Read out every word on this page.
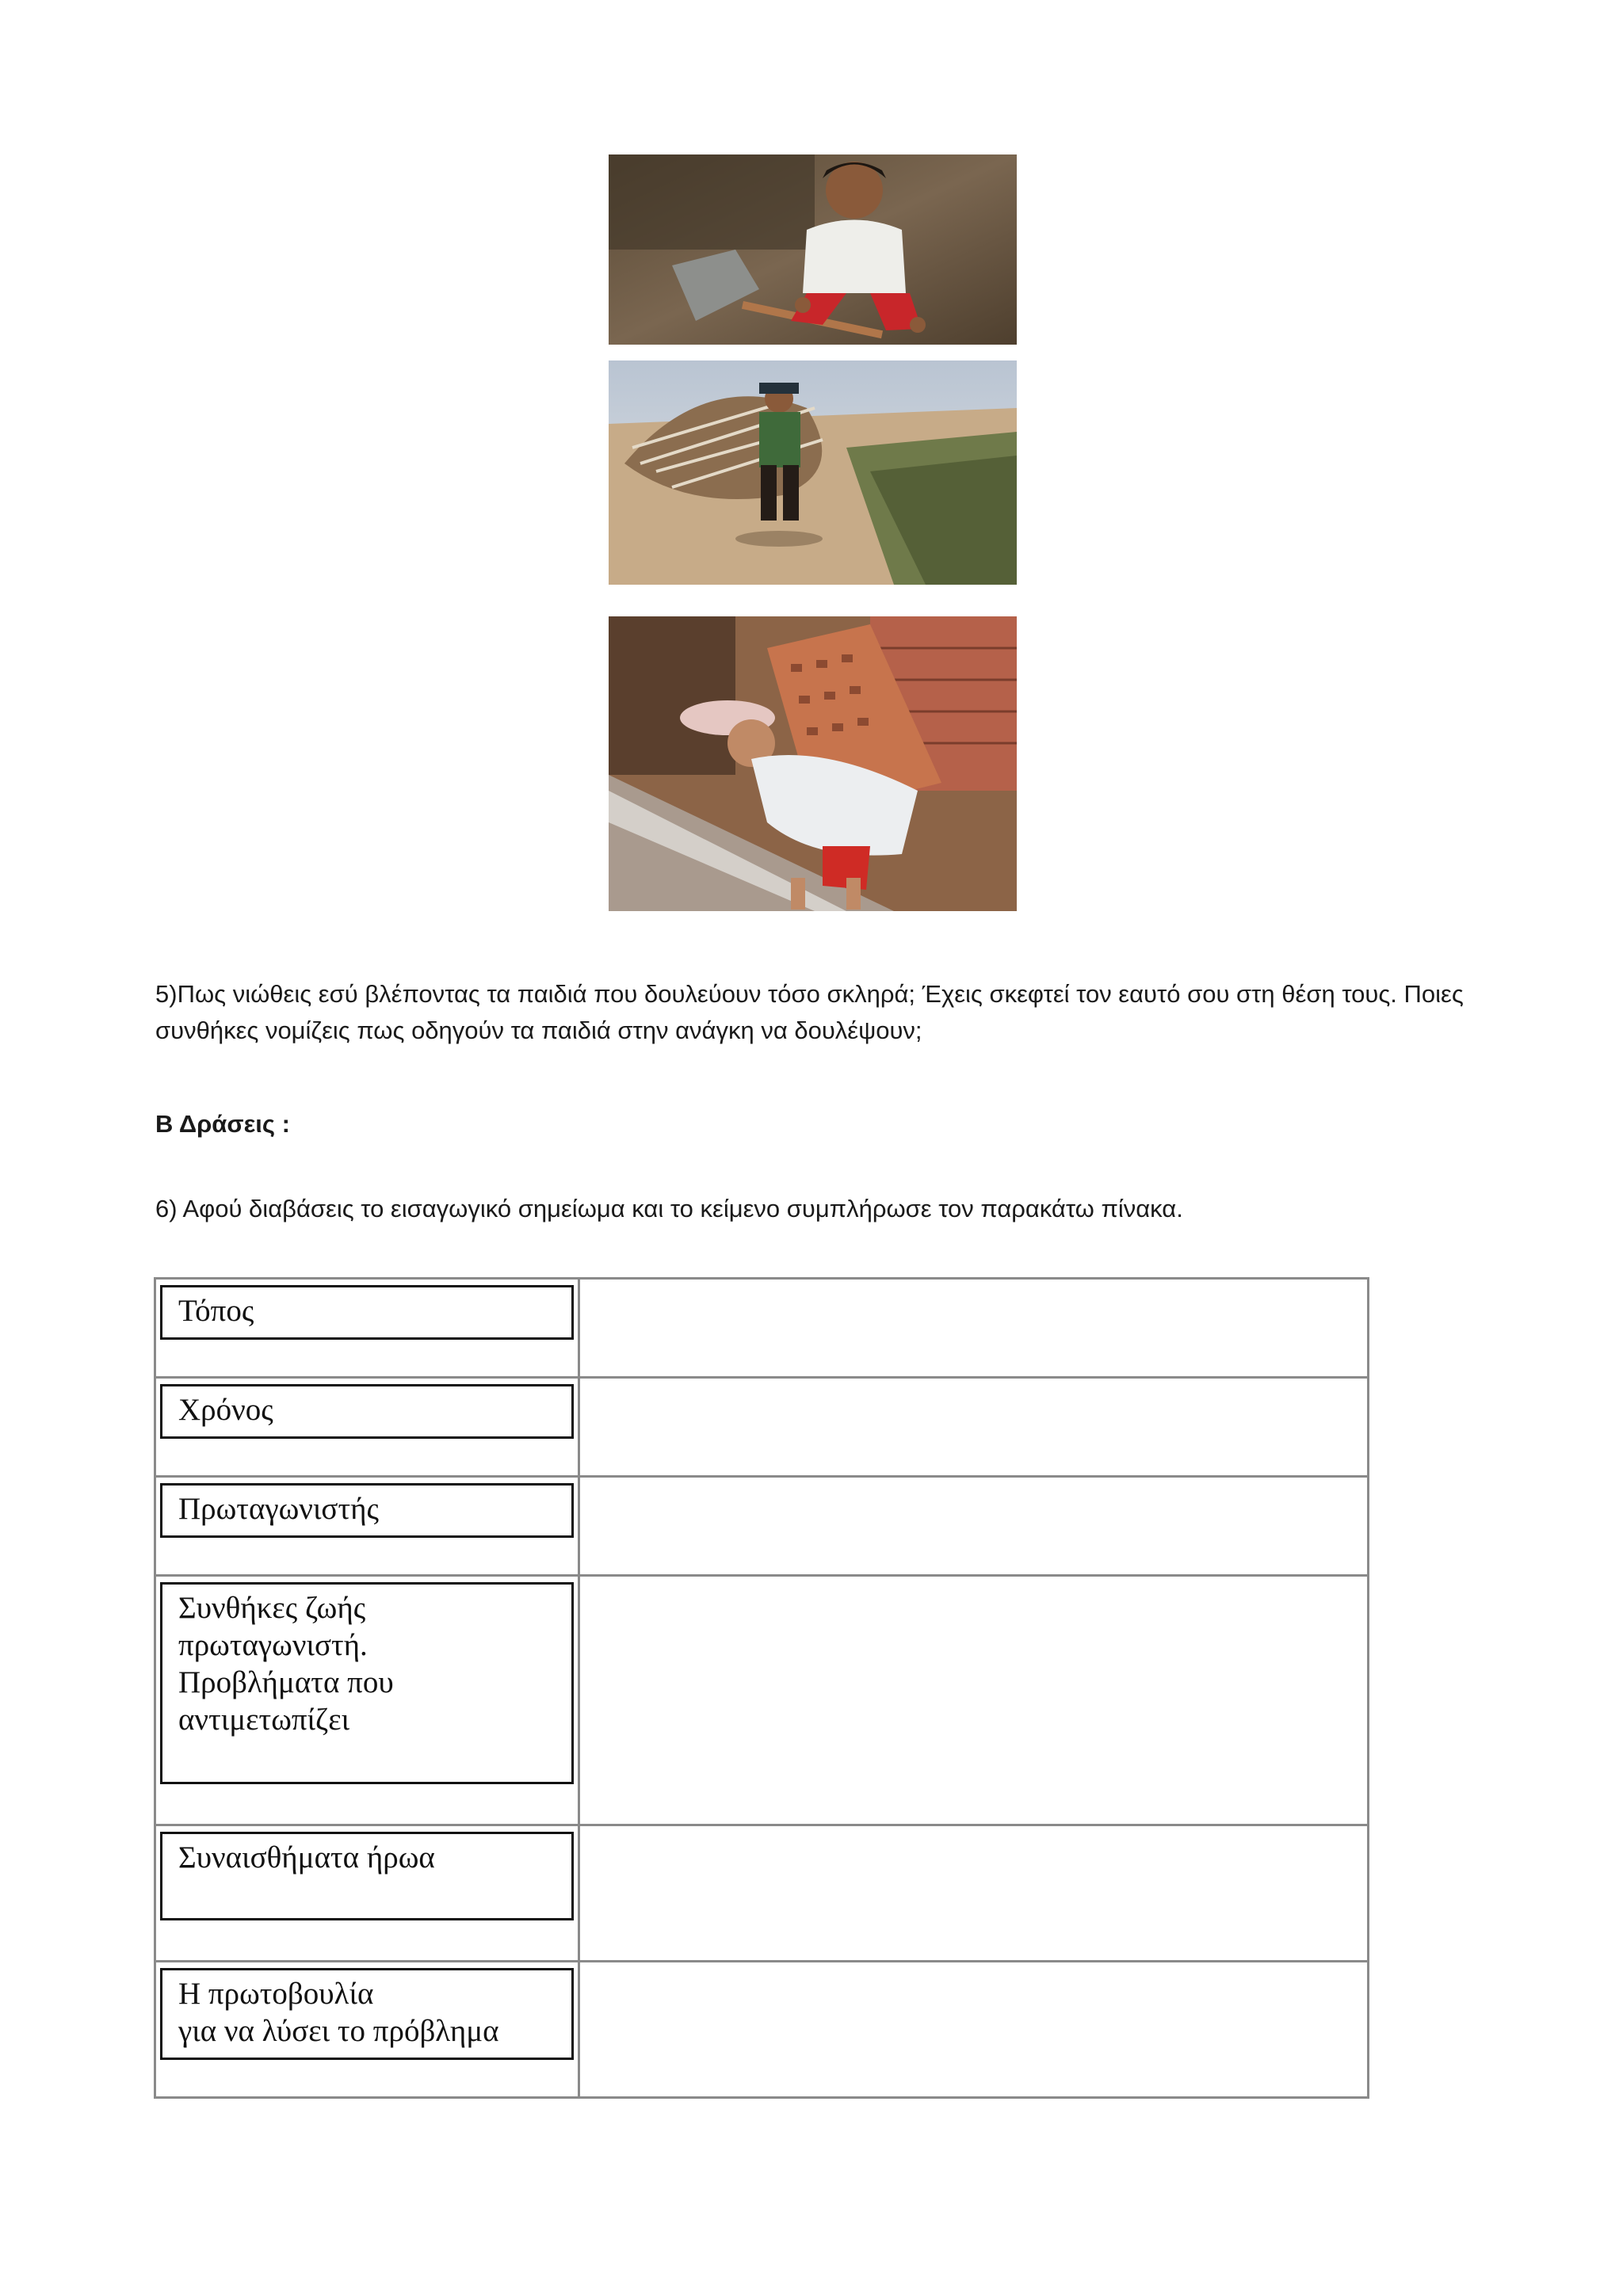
5)Πως νιώθεις εσύ βλέποντας τα παιδιά που δουλεύουν τόσο σκληρά; Έχεις σκεφτεί τον εαυτό σου στη θέση τους. Ποιες συνθήκες νομίζεις πως οδηγούν τα παιδιά στην ανάγκη να δουλέψουν;
Β Δράσεις :
6) Αφού διαβάσεις το εισαγωγικό σημείωμα και το κείμενο συμπλήρωσε τον παρακάτω πίνακα.
Τόπος	

Χρόνος	

Πρωταγωνιστής	

Συνθήκες ζωής
πρωταγωνιστή.
Προβλήματα που
αντιμετωπίζει	

Συναισθήματα ήρωα	

Η πρωτοβουλία
για να λύσει το πρόβλημα	
